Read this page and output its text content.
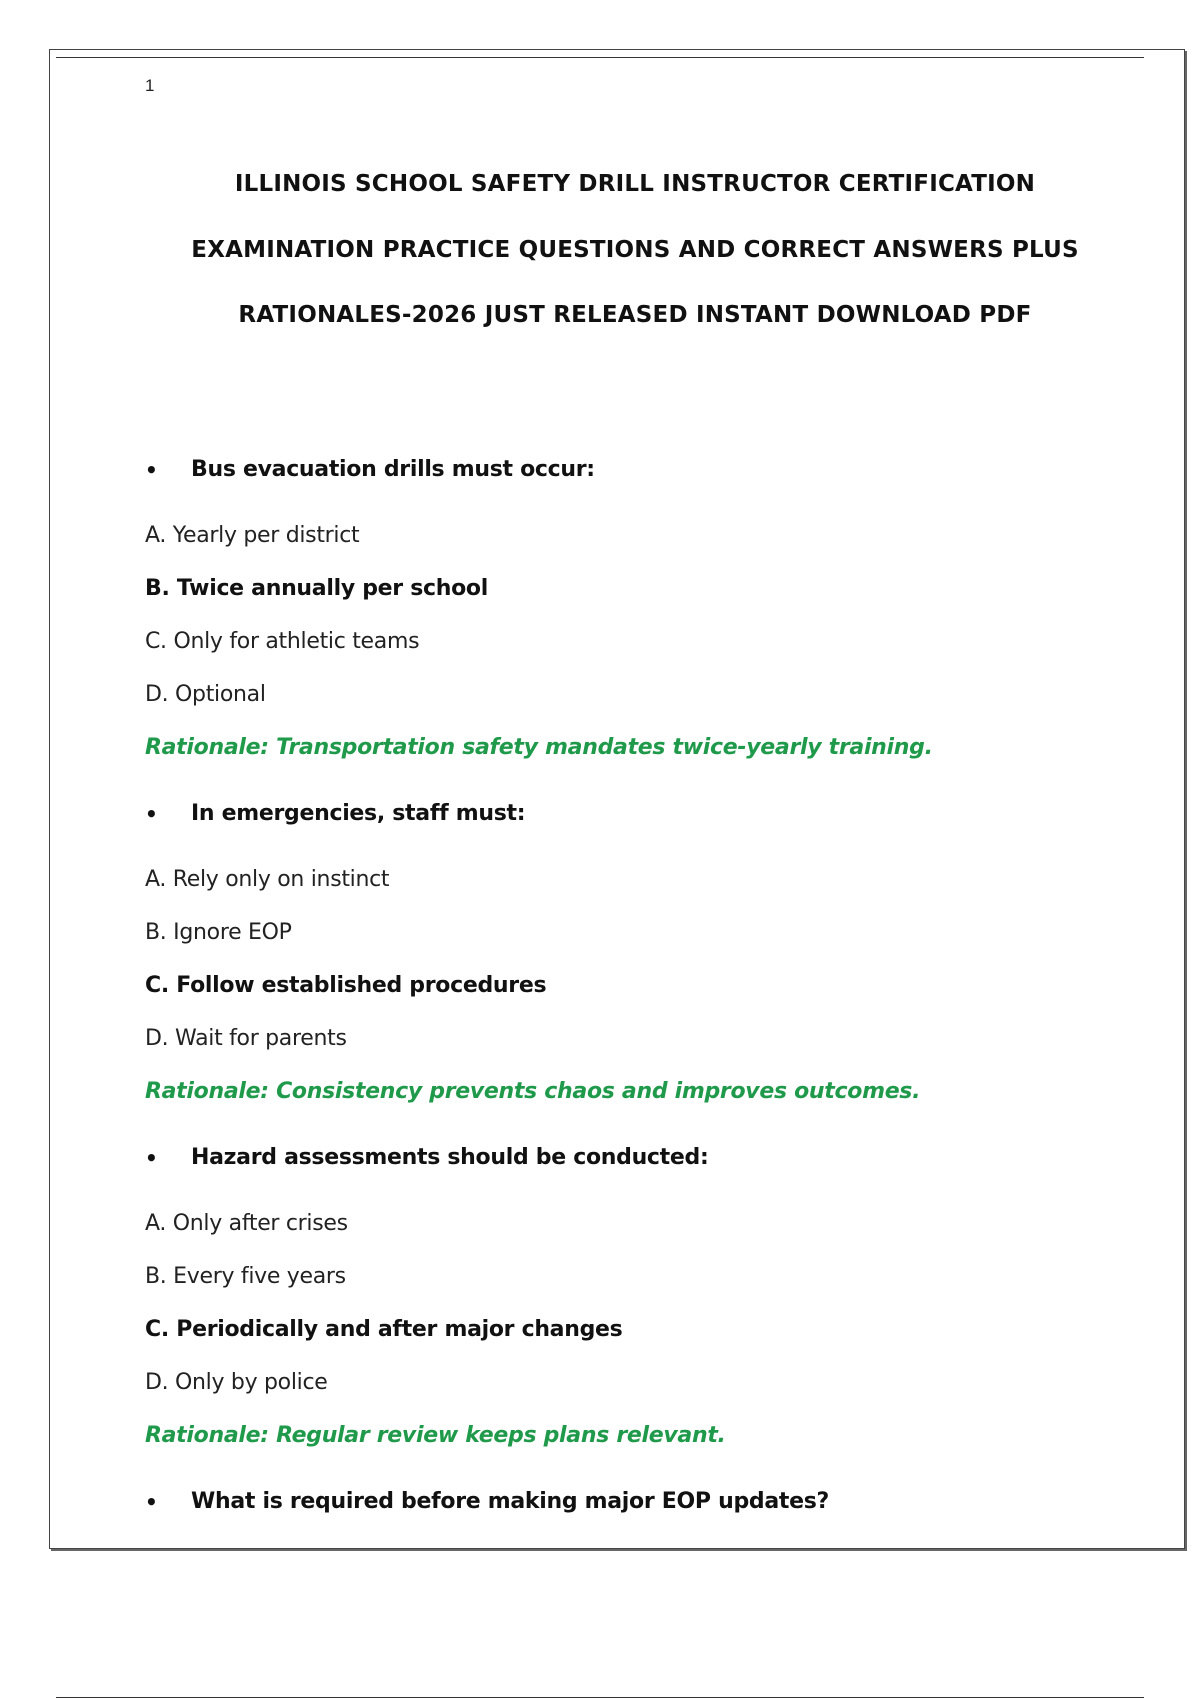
1
ILLINOIS SCHOOL SAFETY DRILL INSTRUCTOR CERTIFICATION
EXAMINATION PRACTICE QUESTIONS AND CORRECT ANSWERS PLUS
RATIONALES-2026 JUST RELEASED INSTANT DOWNLOAD PDF
• Bus evacuation drills must occur:
A. Yearly per district
B. Twice annually per school
C. Only for athletic teams
D. Optional
Rationale: Transportation safety mandates twice-yearly training.
• In emergencies, staff must:
A. Rely only on instinct
B. Ignore EOP
C. Follow established procedures
D. Wait for parents
Rationale: Consistency prevents chaos and improves outcomes.
• Hazard assessments should be conducted:
A. Only after crises
B. Every five years
C. Periodically and after major changes
D. Only by police
Rationale: Regular review keeps plans relevant.
• What is required before making major EOP updates?
